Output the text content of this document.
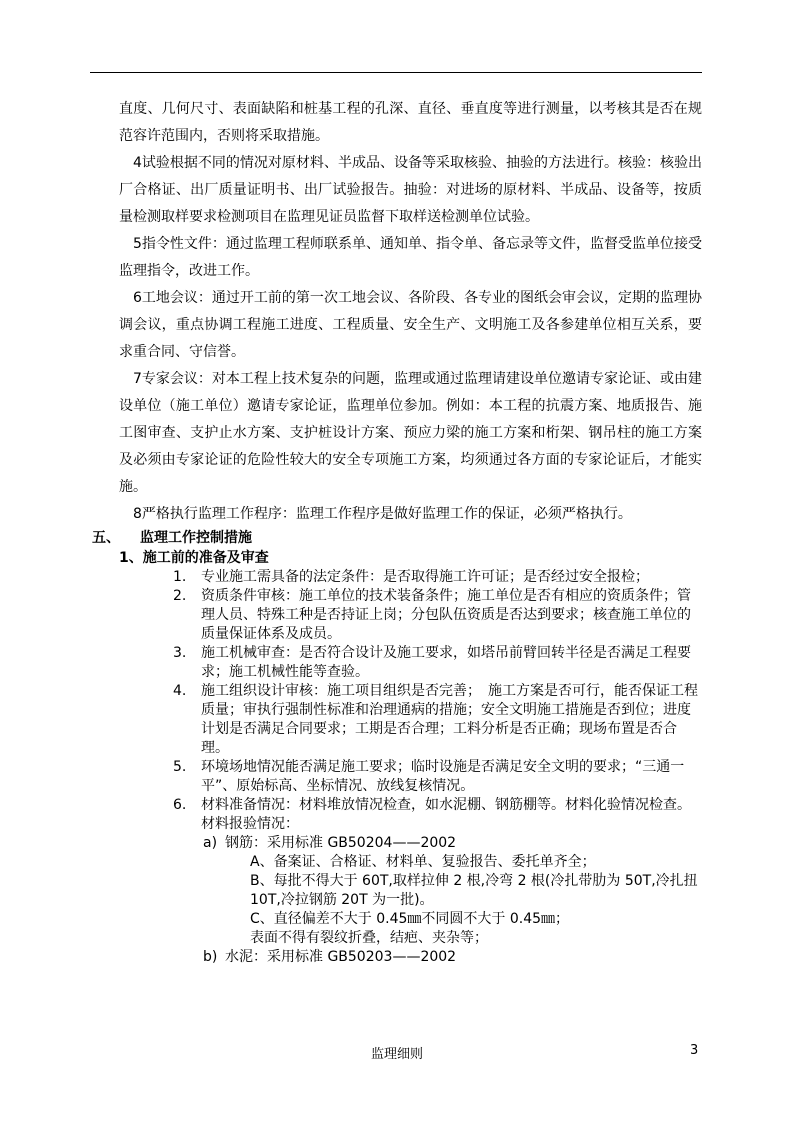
直度、几何尺寸、表面缺陷和桩基工程的孔深、直径、垂直度等进行测量，以考核其是否在规范容许范围内，否则将采取措施。

4试验根据不同的情况对原材料、半成品、设备等采取核验、抽验的方法进行。核验：核验出厂合格证、出厂质量证明书、出厂试验报告。抽验：对进场的原材料、半成品、设备等，按质量检测取样要求检测项目在监理见证员监督下取样送检测单位试验。

5指令性文件：通过监理工程师联系单、通知单、指令单、备忘录等文件，监督受监单位接受监理指令，改进工作。

6工地会议：通过开工前的第一次工地会议、各阶段、各专业的图纸会审会议，定期的监理协调会议，重点协调工程施工进度、工程质量、安全生产、文明施工及各参建单位相互关系，要求重合同、守信誉。

7专家会议：对本工程上技术复杂的问题，监理或通过监理请建设单位邀请专家论证、或由建设单位（施工单位）邀请专家论证，监理单位参加。例如：本工程的抗震方案、地质报告、施工图审查、支护止水方案、支护桩设计方案、预应力梁的施工方案和桁架、钢吊柱的施工方案及必须由专家论证的危险性较大的安全专项施工方案，均须通过各方面的专家论证后，才能实施。

8严格执行监理工作程序：监理工作程序是做好监理工作的保证，必须严格执行。

五、	监理工作控制措施
1、施工前的准备及审查
1.	专业施工需具备的法定条件：是否取得施工许可证；是否经过安全报检；
2.	资质条件审核：施工单位的技术装备条件；施工单位是否有相应的资质条件；管理人员、特殊工种是否持证上岗；分包队伍资质是否达到要求；核查施工单位的质量保证体系及成员。
3.	施工机械审查：是否符合设计及施工要求，如塔吊前臂回转半径是否满足工程要求；施工机械性能等查验。
4.	施工组织设计审核：施工项目组织是否完善；　施工方案是否可行，能否保证工程质量；审执行强制性标准和治理通病的措施；安全文明施工措施是否到位；进度计划是否满足合同要求；工期是否合理；工料分析是否正确；现场布置是否合理。
5.	环境场地情况能否满足施工要求；临时设施是否满足安全文明的要求；“三通一平”、原始标高、坐标情况、放线复核情况。
6.	材料准备情况：材料堆放情况检查，如水泥棚、钢筋棚等。材料化验情况检查。材料报验情况：
a) 钢筋：采用标准 GB50204——2002
A、备案证、合格证、材料单、复验报告、委托单齐全；
B、每批不得大于 60T,取样拉伸 2 根,冷弯 2 根(冷扎带肋为 50T,冷扎扭 10T,冷拉钢筋 20T 为一批)。
C、直径偏差不大于 0.45㎜不同圆不大于 0.45㎜；
表面不得有裂纹折叠，结疤、夹杂等；
b) 水泥：采用标准 GB50203——2002
监理细则	3
